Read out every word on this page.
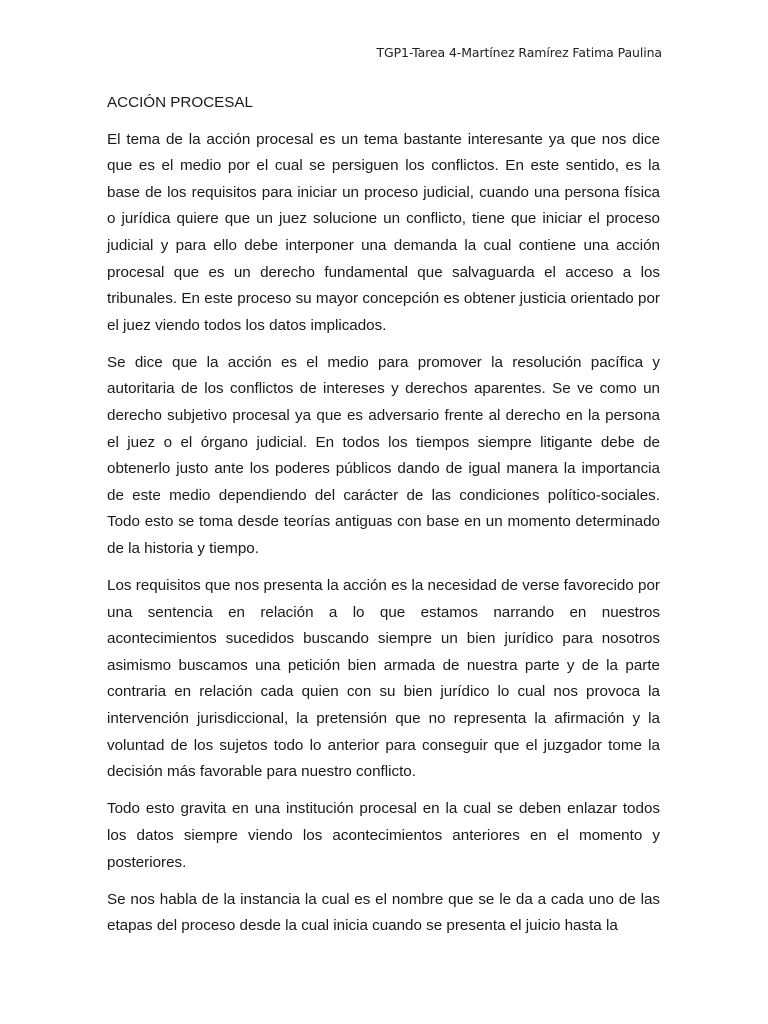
TGP1-Tarea 4-Martínez Ramírez Fatima Paulina

ACCIÓN PROCESAL

El tema de la acción procesal es un tema bastante interesante ya que nos dice que es el medio por el cual se persiguen los conflictos. En este sentido, es la base de los requisitos para iniciar un proceso judicial, cuando una persona física o jurídica quiere que un juez solucione un conflicto, tiene que iniciar el proceso judicial y para ello debe interponer una demanda la cual contiene una acción procesal que es un derecho fundamental que salvaguarda el acceso a los tribunales. En este proceso su mayor concepción es obtener justicia orientado por el juez viendo todos los datos implicados.

Se dice que la acción es el medio para promover la resolución pacífica y autoritaria de los conflictos de intereses y derechos aparentes. Se ve como un derecho subjetivo procesal ya que es adversario frente al derecho en la persona el juez o el órgano judicial. En todos los tiempos siempre litigante debe de obtenerlo justo ante los poderes públicos dando de igual manera la importancia de este medio dependiendo del carácter de las condiciones político-sociales. Todo esto se toma desde teorías antiguas con base en un momento determinado de la historia y tiempo.

Los requisitos que nos presenta la acción es la necesidad de verse favorecido por una sentencia en relación a lo que estamos narrando en nuestros acontecimientos sucedidos buscando siempre un bien jurídico para nosotros asimismo buscamos una petición bien armada de nuestra parte y de la parte contraria en relación cada quien con su bien jurídico lo cual nos provoca la intervención jurisdiccional, la pretensión que no representa la afirmación y la voluntad de los sujetos todo lo anterior para conseguir que el juzgador tome la decisión más favorable para nuestro conflicto.

Todo esto gravita en una institución procesal en la cual se deben enlazar todos los datos siempre viendo los acontecimientos anteriores en el momento y posteriores.

Se nos habla de la instancia la cual es el nombre que se le da a cada uno de las etapas del proceso desde la cual inicia cuando se presenta el juicio hasta la
